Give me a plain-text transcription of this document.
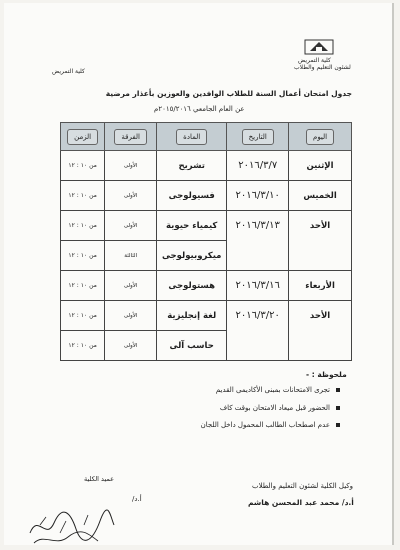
كلية التمريض
لشئون التعليم والطلاب
كلية التمريض
جدول امتحان أعمال السنة للطلاب الوافدين والعوزين بأعذار مرضية
عن العام الجامعي ٢٠١٥/٢٠١٦م
اليوم	التاريخ	المادة	الفرقة	الزمن
الإثنين	٢٠١٦/٣/٧	تشريح	الأولى	من ١٠ : ١٢
الخميس	٢٠١٦/٣/١٠	فسيولوجى	الأولى	من ١٠ : ١٢
الأحد	٢٠١٦/٣/١٣	كيمياء حيوية	الأولى	من ١٠ : ١٢
		ميكروبيولوجى	الثالثة	من ١٠ : ١٢
الأربعاء	٢٠١٦/٣/١٦	هستولوجى	الأولى	من ١٠ : ١٢
الأحد	٢٠١٦/٣/٢٠	لغة إنجليزية	الأولى	من ١٠ : ١٢
		حاسب آلى	الأولى	من ١٠ : ١٢
ملحوظة : -
تجرى الامتحانات بمبنى الأكاديمى القديم
الحضور قبل ميعاد الامتحان بوقت كاف
عدم اصطحاب الطالب المحمول داخل اللجان
عميد الكلية
أ.د/
وكيل الكلية لشئون التعليم والطلاب
أ.د/ محمد عبد المحسن هاشم
